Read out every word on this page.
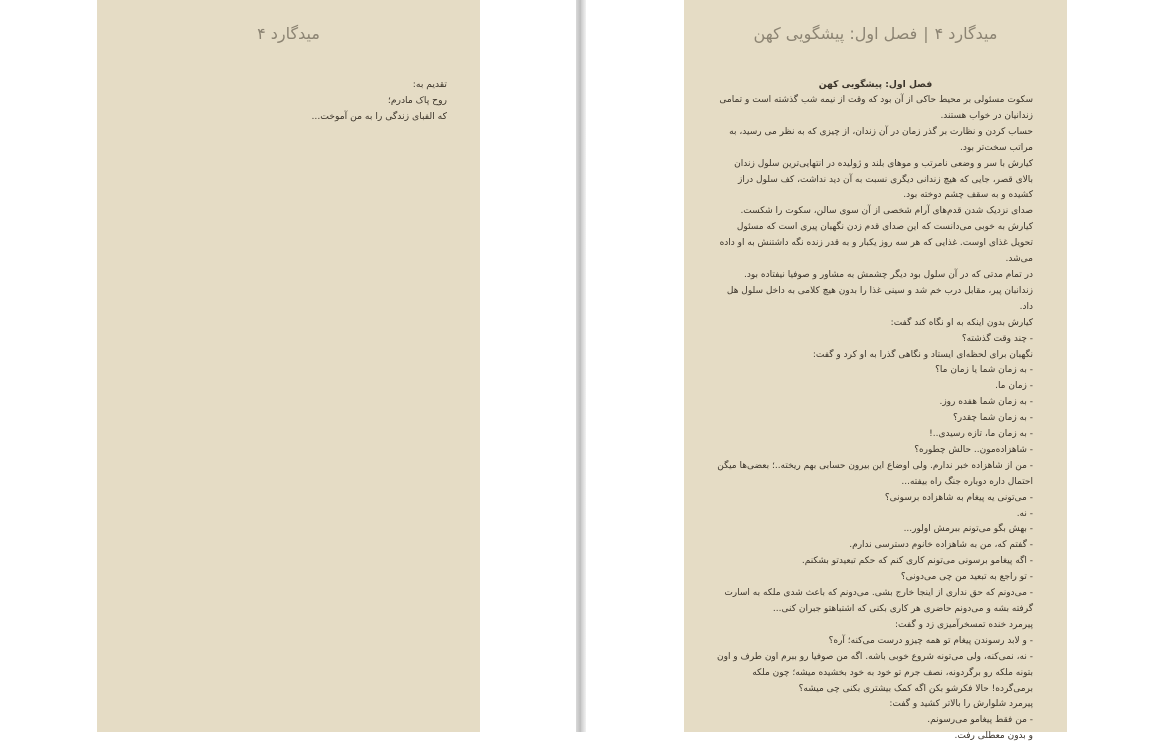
میدگارد ۴
تقدیم به:
روح پاک مادرم؛
که الفبای زندگی را به من آموخت...
میدگارد ۴|فصل اول: پیشگویی کهن
فصل اول: پیشگویی کهن

سکوت مسئولی بر محیط حاکی از آن بود که وقت از نیمه شب گذشته است و تمامی زندانیان در خواب هستند.

حساب کردن و نظارت بر گذر زمان در آن زندان، از چیزی که به نظر می رسید، به مراتب سخت‌تر بود.

کیارش با سر و وضعی نامرتب و موهای بلند و ژولیده در انتهایی‌ترین سلول زندان بالای قصر، جایی که هیچ زندانی دیگری نسبت به آن دید نداشت، کف سلول دراز کشیده و به سقف چشم دوخته بود.

صدای نزدیک شدن قدم‌های آرام شخصی از آن سوی سالن، سکوت را شکست.

کیارش به خوبی می‌دانست که این صدای قدم زدن نگهبان پیری است که مسئول تحویل غذای اوست. غذایی که هر سه روز یکبار و به قدر زنده نگه داشتنش به او داده می‌شد.

در تمام مدتی که در آن سلول بود دیگر چشمش به مشاور و صوفیا نیفتاده بود.

زندانبان پیر، مقابل درب خم شد و سینی غذا را بدون هیچ کلامی به داخل سلول هل داد.

کیارش بدون اینکه به او نگاه کند گفت:

- چند وقت گذشته؟

نگهبان برای لحظه‌ای ایستاد و نگاهی گذرا به او کرد و گفت:

- به زمان شما یا زمان ما؟

- زمان ما.

- به زمان شما هفده روز.

- به زمان شما چقدر؟

- به زمان ما، تازه رسیدی..!

- شاهزاده‌مون.. حالش چطوره؟

- من از شاهزاده خبر ندارم. ولی اوضاع این بیرون حسابی بهم ریخته..؛ بعضی‌ها میگن احتمال داره دوباره جنگ راه بیفته...

- می‌تونی یه پیغام به شاهزاده برسونی؟

- نه.

- بهش بگو می‌تونم ببرمش اولور...

- گفتم که، من به شاهزاده خانوم دسترسی ندارم.

- اگه پیغامو برسونی می‌تونم کاری کنم که حکم تبعیدتو بشکنم.

- تو راجع به تبعید من چی می‌دونی؟

- می‌دونم که حق نداری از اینجا خارج بشی. می‌دونم که باعث شدی ملکه به اسارت گرفته بشه و می‌دونم حاضری هر کاری بکنی که اشتباهتو جبران کنی...

پیرمرد خنده تمسخرآمیزی زد و گفت:

- و لابد رسوندن پیغام تو همه چیزو درست می‌کنه؛ آره؟

- نه، نمی‌کنه، ولی می‌تونه شروع خوبی باشه. اگه من صوفیا رو ببرم اون طرف و اون بتونه ملکه رو برگردونه، نصف جرم تو خود به خود بخشیده میشه؛ چون ملکه برمی‌گرده! حالا فکرشو بکن اگه کمک بیشتری بکنی چی میشه؟

پیرمرد شلوارش را بالاتر کشید و گفت:

- من فقط پیغامو می‌رسونم.

و بدون معطلی رفت.
